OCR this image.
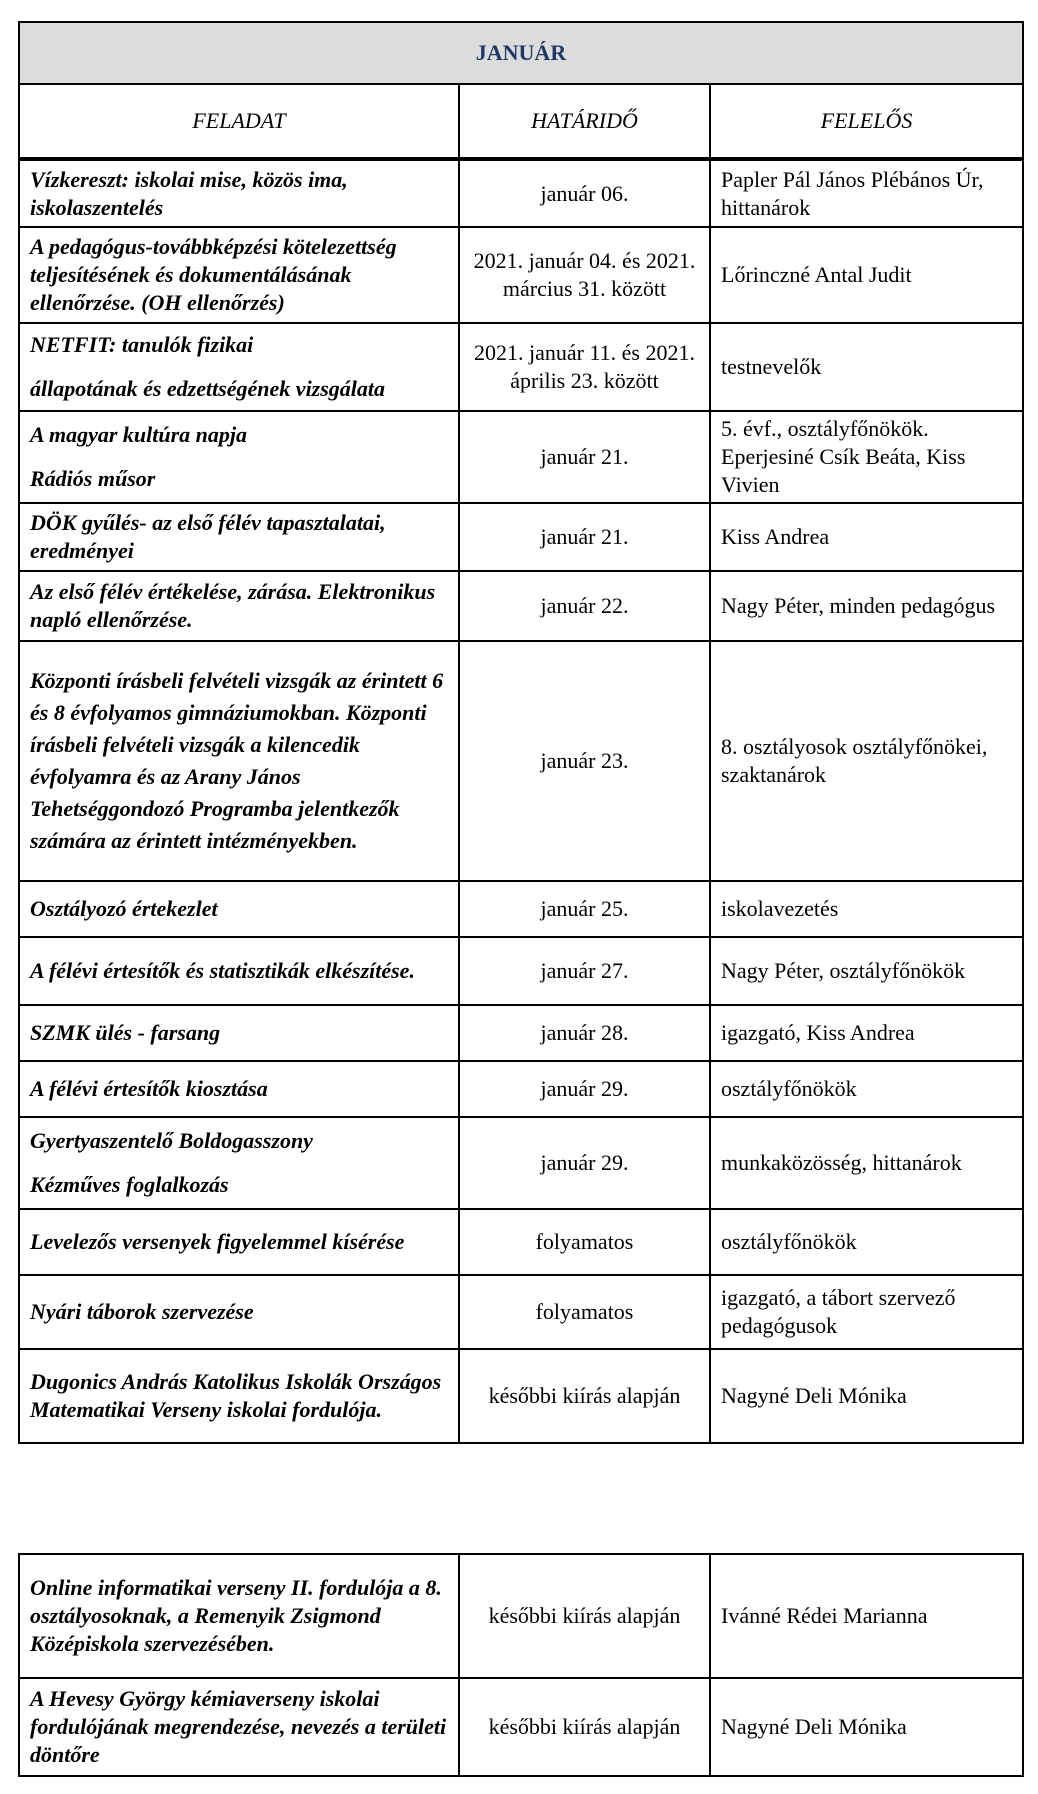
JANUÁR		
FELADAT	HATÁRIDŐ	FELELŐS
Vízkereszt: iskolai mise, közös ima, iskolaszentelés	január 06.	Papler Pál János Plébános Úr, hittanárok
A pedagógus-továbbképzési kötelezettség teljesítésének és dokumentálásának ellenőrzése. (OH ellenőrzés)	2021. január 04. és 2021. március 31. között	Lőrinczné Antal Judit

NETFIT: tanulók fizikai
állapotának és edzettségének vizsgálata	2021. január 11. és 2021. április 23. között	testnevelők

A magyar kultúra napja
Rádiós műsor	január 21.	5. évf., osztályfőnökök. Eperjesiné Csík Beáta, Kiss Vivien
DÖK gyűlés- az első félév tapasztalatai, eredményei	január 21.	Kiss Andrea
Az első félév értékelése, zárása. Elektronikus napló ellenőrzése.	január 22.	Nagy Péter, minden pedagógus
Központi írásbeli felvételi vizsgák az érintett 6 és 8 évfolyamos gimnáziumokban. Központi írásbeli felvételi vizsgák a kilencedik évfolyamra és az Arany János Tehetséggondozó Programba jelentkezők számára az érintett intézményekben.	január 23.	8. osztályosok osztályfőnökei, szaktanárok
Osztályozó értekezlet	január 25.	iskolavezetés
A félévi értesítők és statisztikák elkészítése.	január 27.	Nagy Péter, osztályfőnökök
SZMK ülés - farsang	január 28.	igazgató, Kiss Andrea
A félévi értesítők kiosztása	január 29.	osztályfőnökök

Gyertyaszentelő Boldogasszony
Kézműves foglalkozás	január 29.	munkaközösség, hittanárok
Levelezős versenyek figyelemmel kísérése	folyamatos	osztályfőnökök
Nyári táborok szervezése	folyamatos	igazgató, a tábort szervező pedagógusok
Dugonics András Katolikus Iskolák Országos Matematikai Verseny iskolai fordulója.	későbbi kiírás alapján	Nagyné Deli Mónika
Online informatikai verseny II. fordulója a 8. osztályosoknak, a Remenyik Zsigmond Középiskola szervezésében.	későbbi kiírás alapján	Ivánné Rédei Marianna
A Hevesy György kémiaverseny iskolai fordulójának megrendezése, nevezés a területi döntőre	későbbi kiírás alapján	Nagyné Deli Mónika
